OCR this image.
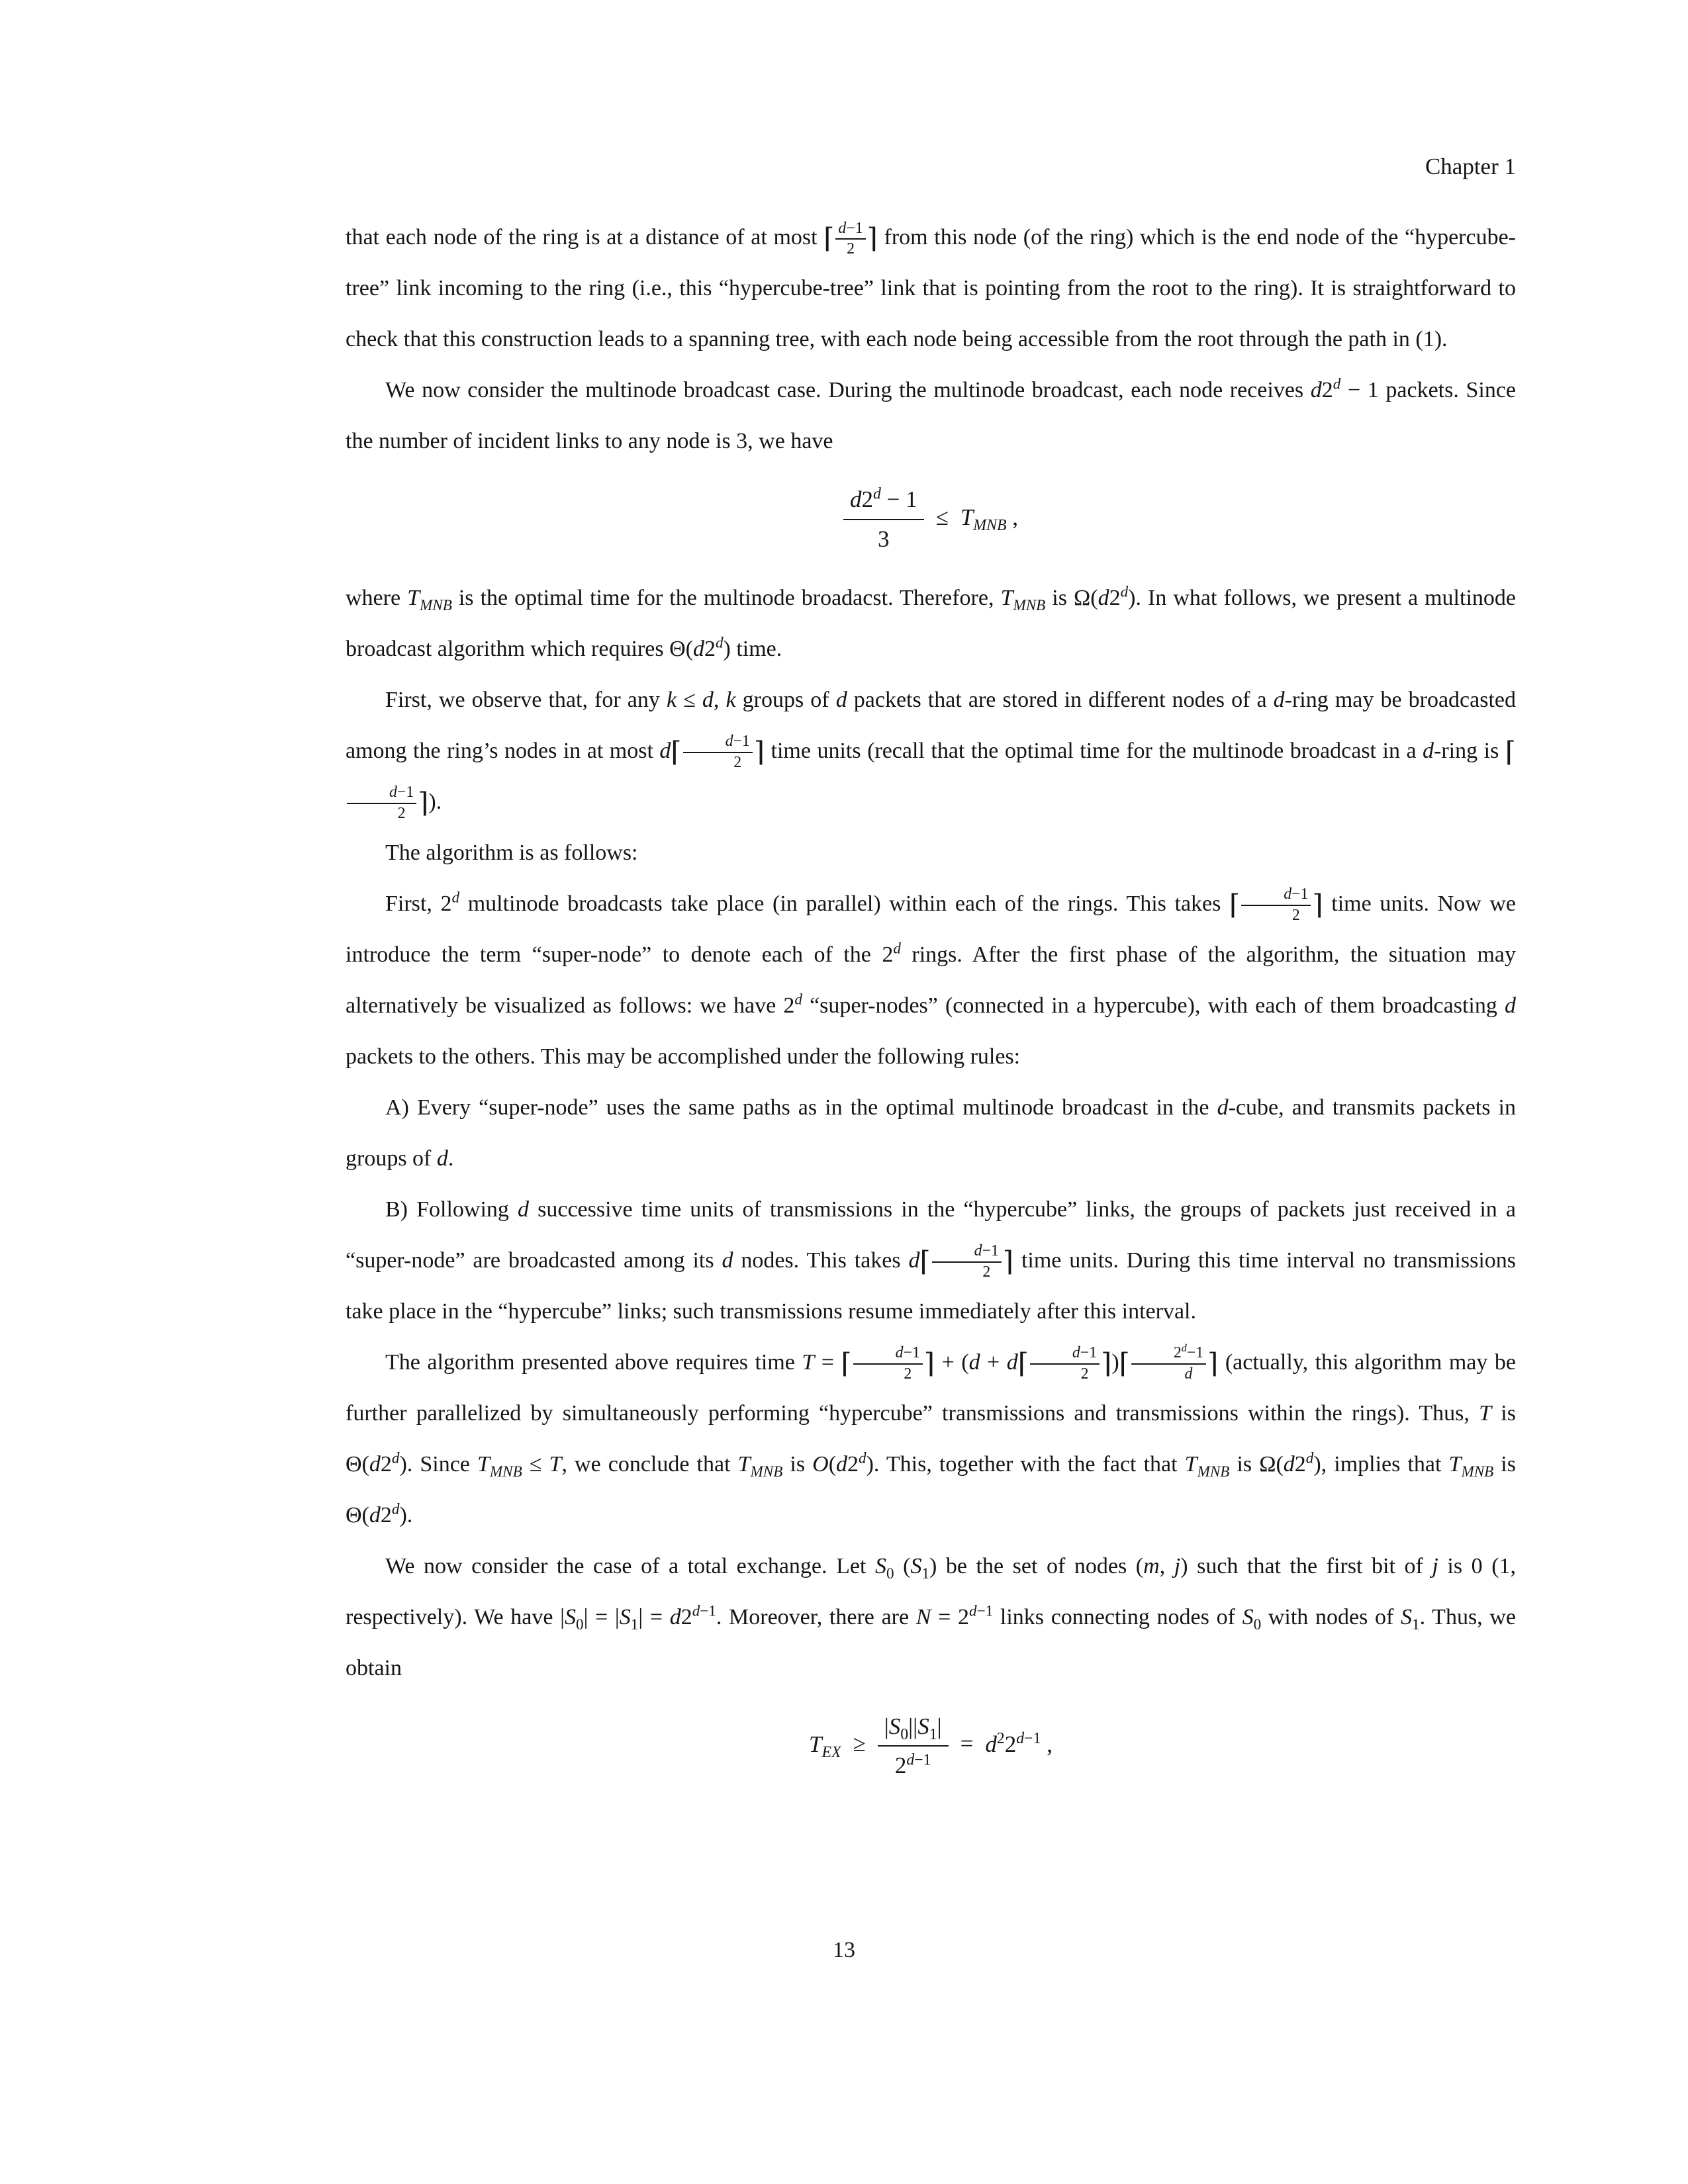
Chapter 1

that each node of the ring is at a distance of at most ⌈ $\frac{d-1}{2}$ ⌉ from this node (of the ring) which is the end node of the “hypercube-tree” link incoming to the ring (i.e., this “hypercube-tree” link that is pointing from the root to the ring). It is straightforward to check that this construction leads to a spanning tree, with each node being accessible from the root through the path in (1).

We now consider the multinode broadcast case. During the multinode broadcast, each node receives $d2^d - 1$ packets. Since the number of incident links to any node is 3, we have

$\frac{d2^d - 1}{3} \le T_{MNB}$ ,

where $T_{MNB}$ is the optimal time for the multinode broadacst. Therefore, $T_{MNB}$ is Ω(d2$^d$). In what follows, we present a multinode broadcast algorithm which requires Θ(d2$^d$) time.

First, we observe that, for any k ≤ d, k groups of d packets that are stored in different nodes of a d-ring may be broadcasted among the ring’s nodes in at most d⌈ $\frac{d-1}{2}$ ⌉ time units (recall that the optimal time for the multinode broadcast in a d-ring is ⌈
$\frac{d-1}{2}$ ⌉).

The algorithm is as follows:

First, 2$^d$ multinode broadcasts take place (in parallel) within each of the rings. This takes ⌈ $\frac{d-1}{2}$ ⌉ time units. Now we introduce the term “super-node” to denote each of the 2$^d$ rings. After the first phase of the algorithm, the situation may alternatively be visualized as follows: we have 2$^d$ “super-nodes” (connected in a hypercube), with each of them broadcasting d packets to the others. This may be accomplished under the following rules:

A) Every “super-node” uses the same paths as in the optimal multinode broadcast in the d-cube, and transmits packets in groups of d.

B) Following d successive time units of transmissions in the “hypercube” links, the groups of packets just received in a “super-node” are broadcasted among its d nodes. This takes d⌈ $\frac{d-1}{2}$ ⌉ time units. During this time interval no transmissions take place in the “hypercube” links; such transmissions resume immediately after this interval.

The algorithm presented above requires time T = ⌈ $\frac{d-1}{2}$ ⌉ + (d + d⌈ $\frac{d-1}{2}$ ⌉)⌈ $\frac{2^d-1}{d}$ ⌉ (actually, this algorithm may be further parallelized by simultaneously performing “hypercube” transmissions and transmissions within the rings). Thus, T is Θ(d2$^d$). Since $T_{MNB} \le T$, we conclude that $T_{MNB}$ is O(d2$^d$). This, together with the fact that $T_{MNB}$ is Ω(d2$^d$), implies that $T_{MNB}$ is Θ(d2$^d$).

We now consider the case of a total exchange. Let $S_0$ $(S_1)$ be the set of nodes (m, j) such that the first bit of j is 0 (1, respectively). We have $|S_0| = |S_1| = d2^{d-1}$. Moreover, there are $N = 2^{d-1}$ links connecting nodes of $S_0$ with nodes of $S_1$. Thus, we obtain

$T_{EX} \ge \frac{|S_0||S_1|}{2^{d-1}} = d^22^{d-1}$ ,
13
